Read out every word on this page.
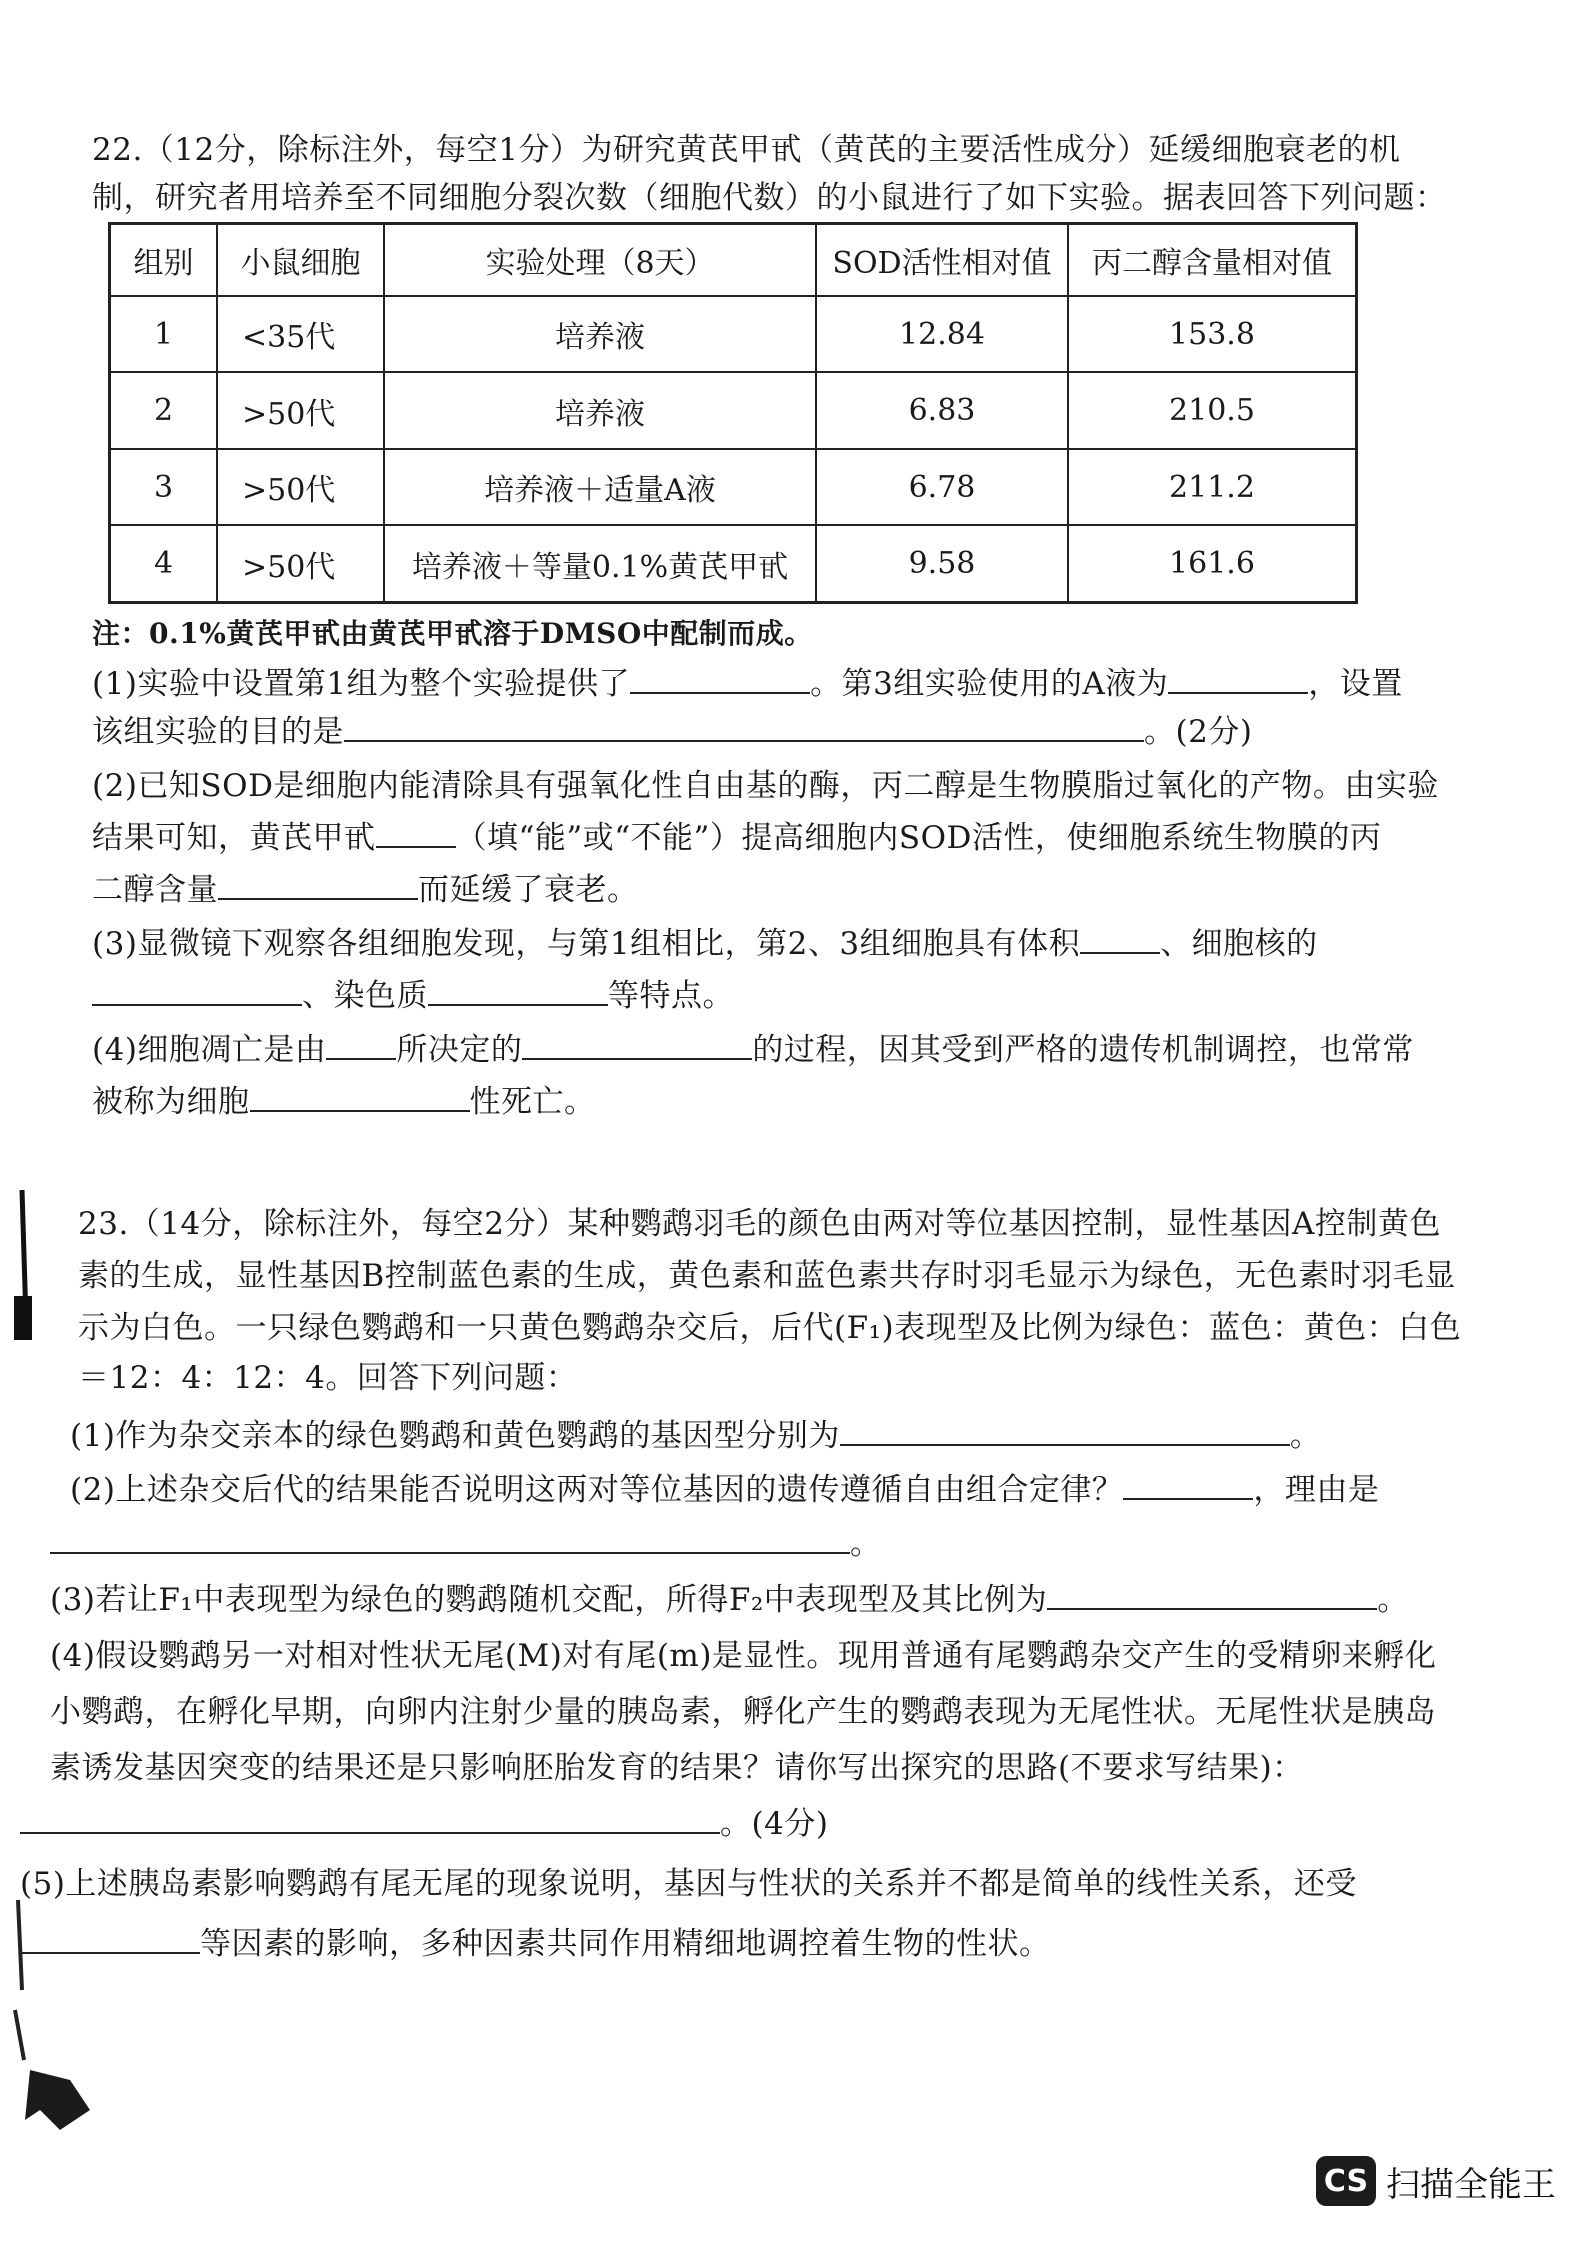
22.（12分，除标注外，每空1分）为研究黄芪甲甙（黄芪的主要活性成分）延缓细胞衰老的机
制，研究者用培养至不同细胞分裂次数（细胞代数）的小鼠进行了如下实验。据表回答下列问题：
组别	小鼠细胞	实验处理（8天）	SOD活性相对值	丙二醇含量相对值
1	<35代	培养液	12.84	153.8
2	>50代	培养液	6.83	210.5
3	>50代	培养液＋适量A液	6.78	211.2
4	>50代	培养液＋等量0.1%黄芪甲甙	9.58	161.6
注：0.1%黄芪甲甙由黄芪甲甙溶于DMSO中配制而成。
(1)实验中设置第1组为整个实验提供了	。第3组实验使用的A液为	，设置
该组实验的目的是	。(2分)
(2)已知SOD是细胞内能清除具有强氧化性自由基的酶，丙二醇是生物膜脂过氧化的产物。由实验
结果可知，黄芪甲甙	（填“能”或“不能”）提高细胞内SOD活性，使细胞系统生物膜的丙
二醇含量	而延缓了衰老。
(3)显微镜下观察各组细胞发现，与第1组相比，第2、3组细胞具有体积	、细胞核的
、染色质	等特点。
(4)细胞凋亡是由 所决定的	的过程，因其受到严格的遗传机制调控，也常常
被称为细胞	性死亡。
23.（14分，除标注外，每空2分）某种鹦鹉羽毛的颜色由两对等位基因控制，显性基因A控制黄色
素的生成，显性基因B控制蓝色素的生成，黄色素和蓝色素共存时羽毛显示为绿色，无色素时羽毛显
示为白色。一只绿色鹦鹉和一只黄色鹦鹉杂交后，后代(F₁)表现型及比例为绿色：蓝色：黄色：白色
＝12：4：12：4。回答下列问题：
(1)作为杂交亲本的绿色鹦鹉和黄色鹦鹉的基因型分别为	。
(2)上述杂交后代的结果能否说明这两对等位基因的遗传遵循自由组合定律？	，理由是
。
(3)若让F₁中表现型为绿色的鹦鹉随机交配，所得F₂中表现型及其比例为	。
(4)假设鹦鹉另一对相对性状无尾(M)对有尾(m)是显性。现用普通有尾鹦鹉杂交产生的受精卵来孵化
小鹦鹉，在孵化早期，向卵内注射少量的胰岛素，孵化产生的鹦鹉表现为无尾性状。无尾性状是胰岛
素诱发基因突变的结果还是只影响胚胎发育的结果？请你写出探究的思路(不要求写结果)：
。(4分)
(5)上述胰岛素影响鹦鹉有尾无尾的现象说明，基因与性状的关系并不都是简单的线性关系，还受
等因素的影响，多种因素共同作用精细地调控着生物的性状。
CS 扫描全能王
